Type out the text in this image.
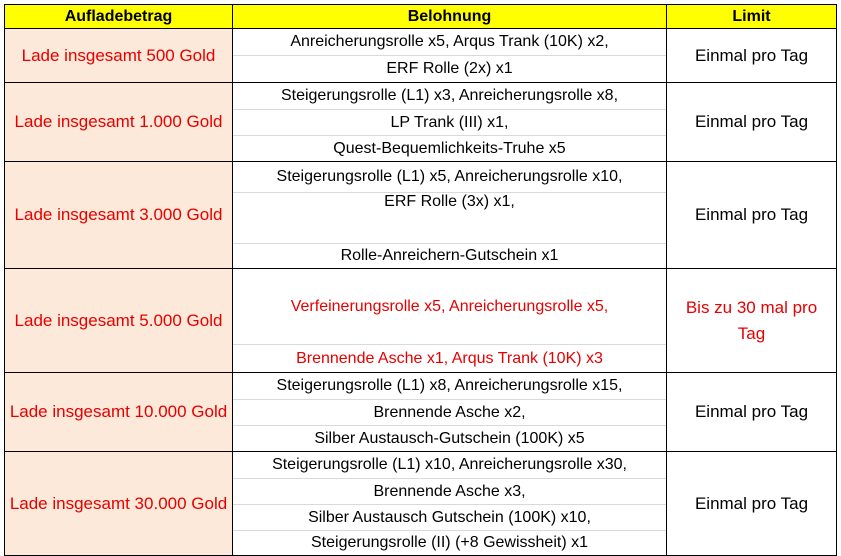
Aufladebetrag	Belohnung	Limit
Lade insgesamt 500 Gold	Anreicherungsrolle x5, Arqus Trank (10K) x2,
ERF Rolle (2x) x1	Einmal pro Tag
Lade insgesamt 1.000 Gold	Steigerungsrolle (L1) x3, Anreicherungsrolle x8,
LP Trank (III) x1,
Quest-Bequemlichkeits-Truhe x5	Einmal pro Tag
Lade insgesamt 3.000 Gold	Steigerungsrolle (L1) x5, Anreicherungsrolle x10,
ERF Rolle (3x) x1,
Rolle-Anreichern-Gutschein x1	Einmal pro Tag
Lade insgesamt 5.000 Gold	Verfeinerungsrolle x5, Anreicherungsrolle x5,
Brennende Asche x1, Arqus Trank (10K) x3	Bis zu 30 mal pro Tag
Lade insgesamt 10.000 Gold	Steigerungsrolle (L1) x8, Anreicherungsrolle x15,
Brennende Asche x2,
Silber Austausch-Gutschein (100K) x5	Einmal pro Tag
Lade insgesamt 30.000 Gold	Steigerungsrolle (L1) x10, Anreicherungsrolle x30,
Brennende Asche x3,
Silber Austausch Gutschein (100K) x10,
Steigerungsrolle (II) (+8 Gewissheit) x1	Einmal pro Tag
